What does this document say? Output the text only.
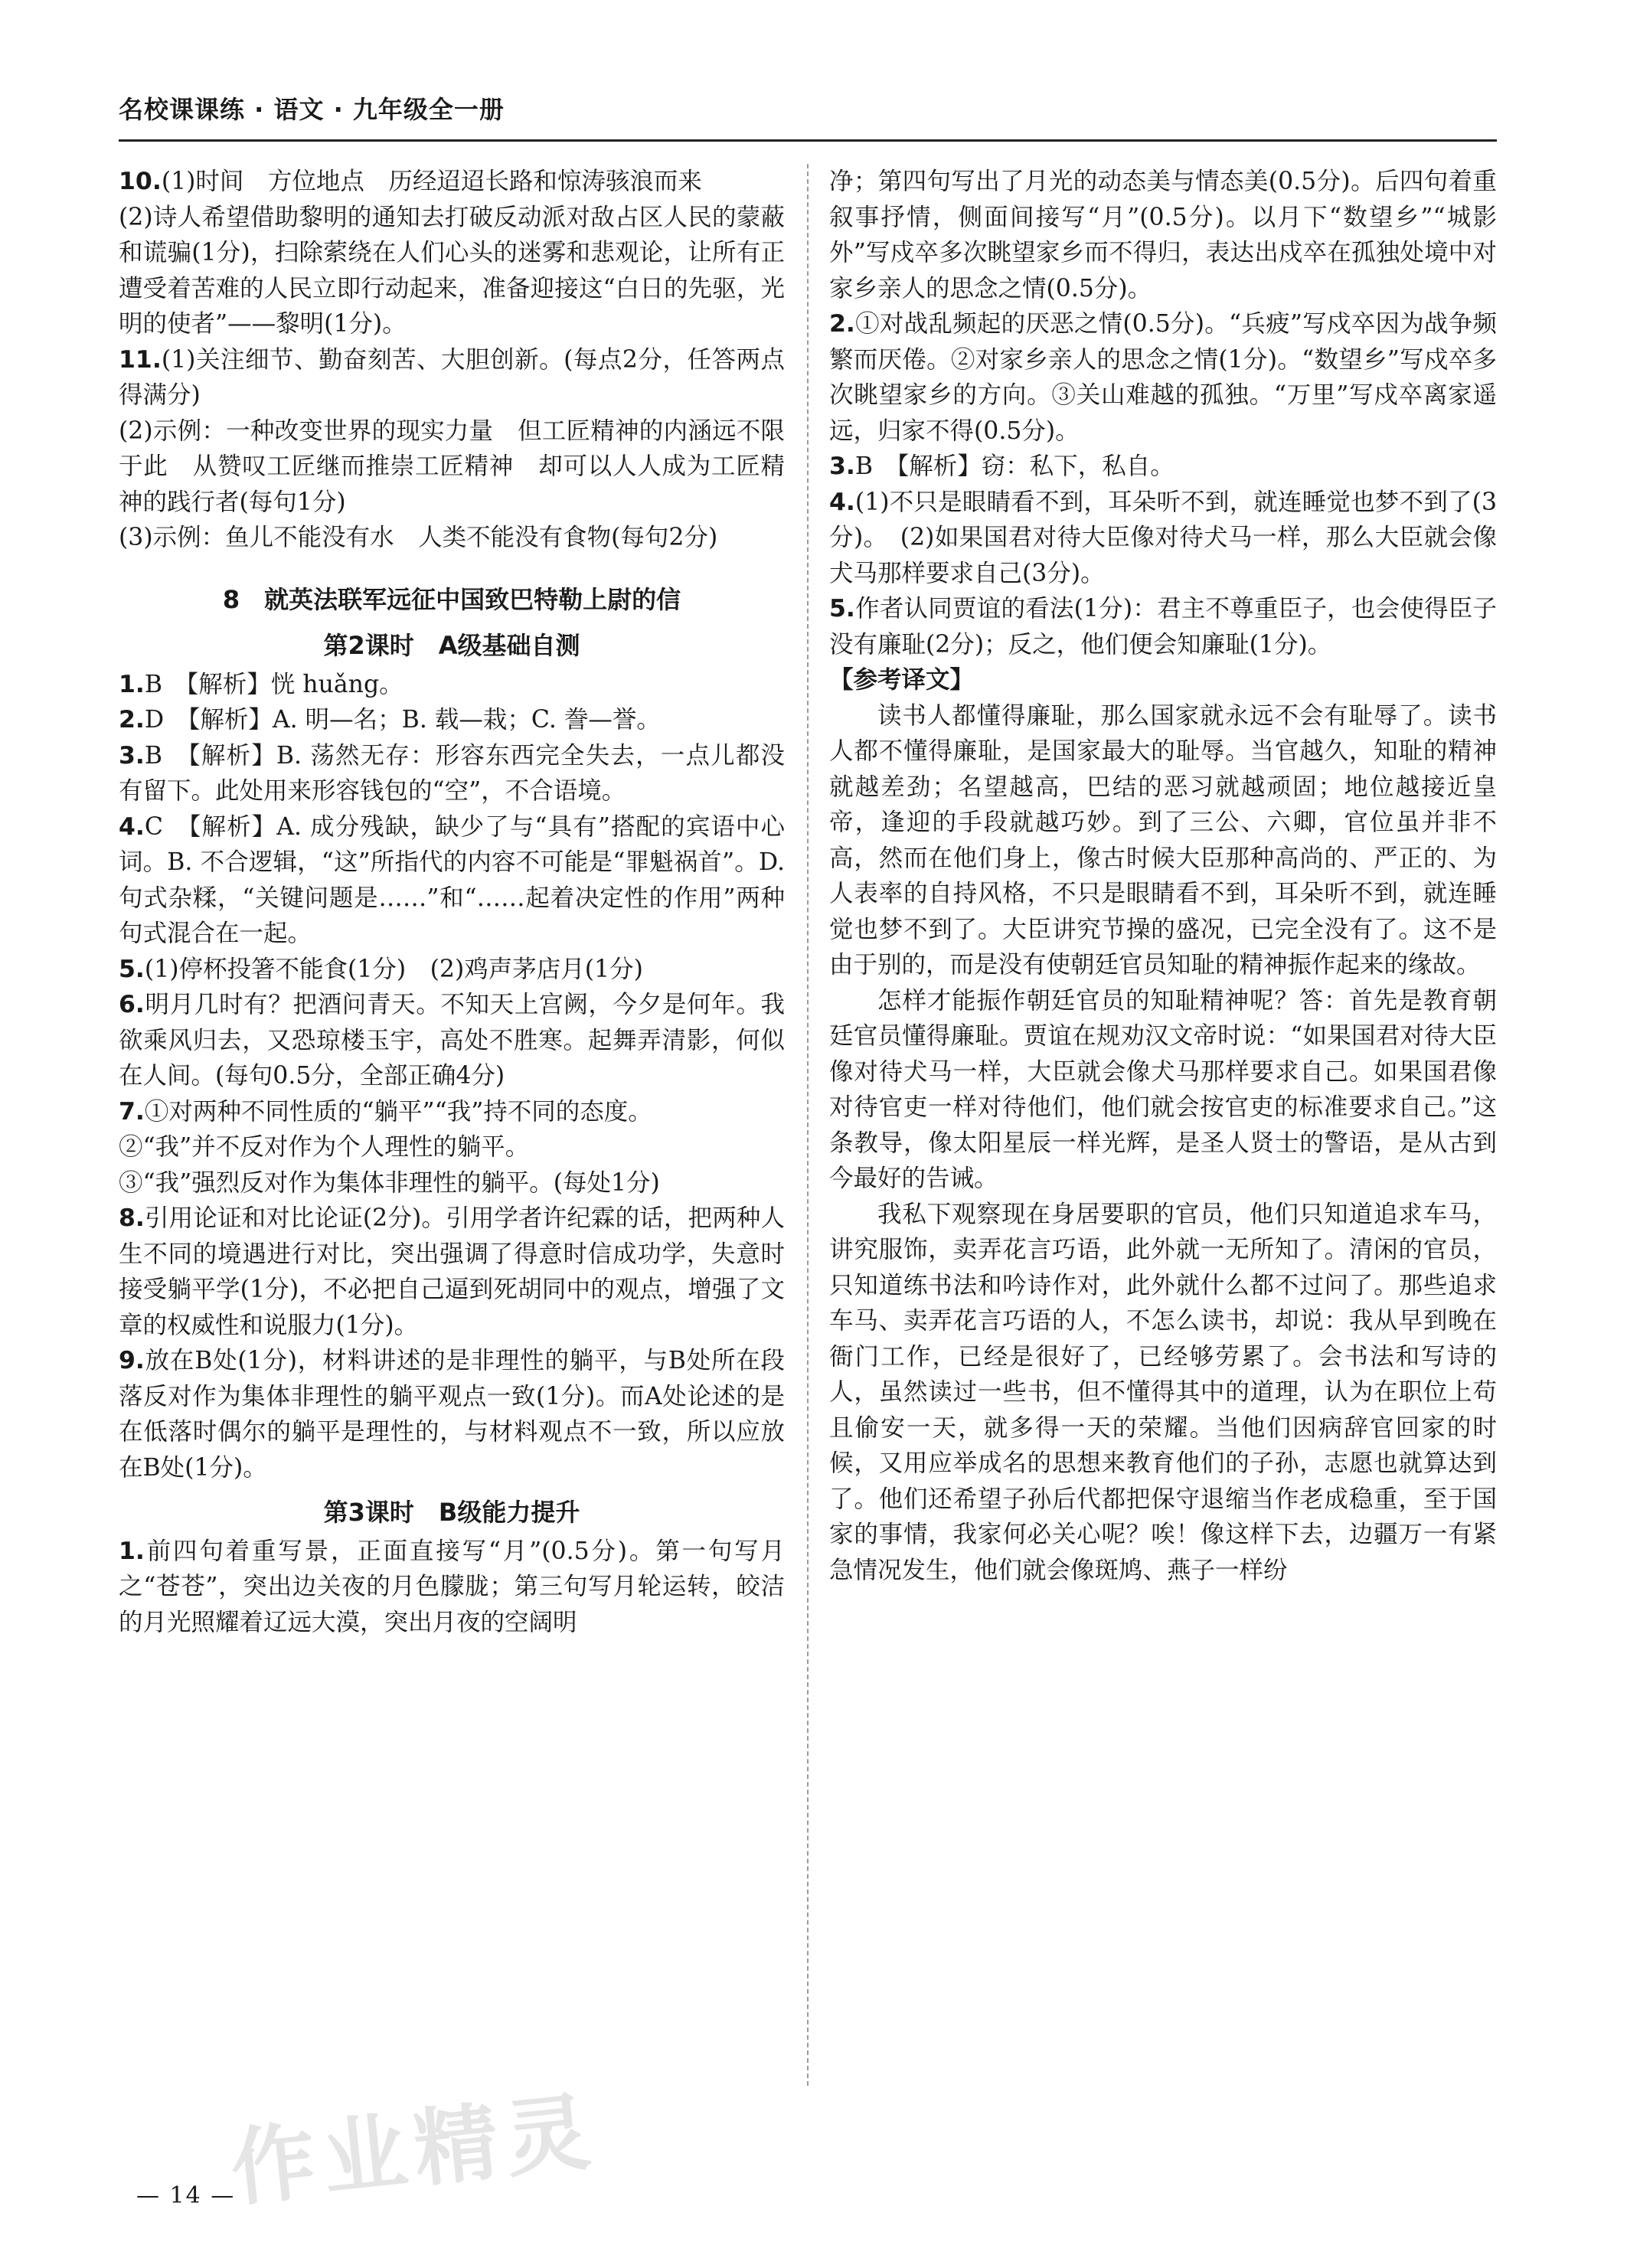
名校课课练 · 语文 · 九年级全一册

10.(1)时间　方位地点　历经迢迢长路和惊涛骇浪而来

(2)诗人希望借助黎明的通知去打破反动派对敌占区人民的蒙蔽和谎骗(1分)，扫除萦绕在人们心头的迷雾和悲观论，让所有正遭受着苦难的人民立即行动起来，准备迎接这“白日的先驱，光明的使者”——黎明(1分)。

11.(1)关注细节、勤奋刻苦、大胆创新。(每点2分，任答两点得满分)

(2)示例：一种改变世界的现实力量　但工匠精神的内涵远不限于此　从赞叹工匠继而推崇工匠精神　却可以人人成为工匠精神的践行者(每句1分)

(3)示例：鱼儿不能没有水　人类不能没有食物(每句2分)

8　就英法联军远征中国致巴特勒上尉的信
第2课时　A级基础自测

1.B　【解析】恍 huǎng。

2.D　【解析】A. 明—名；B. 载—栽；C. 誊—誉。

3.B　【解析】B. 荡然无存：形容东西完全失去，一点儿都没有留下。此处用来形容钱包的“空”，不合语境。

4.C　【解析】A. 成分残缺，缺少了与“具有”搭配的宾语中心词。B. 不合逻辑，“这”所指代的内容不可能是“罪魁祸首”。D. 句式杂糅，“关键问题是……”和“……起着决定性的作用”两种句式混合在一起。

5.(1)停杯投箸不能食(1分)　(2)鸡声茅店月(1分)

6.明月几时有？把酒问青天。不知天上宫阙，今夕是何年。我欲乘风归去，又恐琼楼玉宇，高处不胜寒。起舞弄清影，何似在人间。(每句0.5分，全部正确4分)

7.①对两种不同性质的“躺平”“我”持不同的态度。

②“我”并不反对作为个人理性的躺平。

③“我”强烈反对作为集体非理性的躺平。(每处1分)

8.引用论证和对比论证(2分)。引用学者许纪霖的话，把两种人生不同的境遇进行对比，突出强调了得意时信成功学，失意时接受躺平学(1分)，不必把自己逼到死胡同中的观点，增强了文章的权威性和说服力(1分)。

9.放在B处(1分)，材料讲述的是非理性的躺平，与B处所在段落反对作为集体非理性的躺平观点一致(1分)。而A处论述的是在低落时偶尔的躺平是理性的，与材料观点不一致，所以应放在B处(1分)。

第3课时　B级能力提升

1.前四句着重写景，正面直接写“月”(0.5分)。第一句写月之“苍苍”，突出边关夜的月色朦胧；第三句写月轮运转，皎洁的月光照耀着辽远大漠，突出月夜的空阔明

净；第四句写出了月光的动态美与情态美(0.5分)。后四句着重叙事抒情，侧面间接写“月”(0.5分)。以月下“数望乡”“城影外”写戍卒多次眺望家乡而不得归，表达出戍卒在孤独处境中对家乡亲人的思念之情(0.5分)。

2.①对战乱频起的厌恶之情(0.5分)。“兵疲”写戍卒因为战争频繁而厌倦。②对家乡亲人的思念之情(1分)。“数望乡”写戍卒多次眺望家乡的方向。③关山难越的孤独。“万里”写戍卒离家遥远，归家不得(0.5分)。

3.B　【解析】窃：私下，私自。

4.(1)不只是眼睛看不到，耳朵听不到，就连睡觉也梦不到了(3分)。　(2)如果国君对待大臣像对待犬马一样，那么大臣就会像犬马那样要求自己(3分)。

5.作者认同贾谊的看法(1分)：君主不尊重臣子，也会使得臣子没有廉耻(2分)；反之，他们便会知廉耻(1分)。

【参考译文】

读书人都懂得廉耻，那么国家就永远不会有耻辱了。读书人都不懂得廉耻，是国家最大的耻辱。当官越久，知耻的精神就越差劲；名望越高，巴结的恶习就越顽固；地位越接近皇帝，逢迎的手段就越巧妙。到了三公、六卿，官位虽并非不高，然而在他们身上，像古时候大臣那种高尚的、严正的、为人表率的自持风格，不只是眼睛看不到，耳朵听不到，就连睡觉也梦不到了。大臣讲究节操的盛况，已完全没有了。这不是由于别的，而是没有使朝廷官员知耻的精神振作起来的缘故。

怎样才能振作朝廷官员的知耻精神呢？答：首先是教育朝廷官员懂得廉耻。贾谊在规劝汉文帝时说：“如果国君对待大臣像对待犬马一样，大臣就会像犬马那样要求自己。如果国君像对待官吏一样对待他们，他们就会按官吏的标准要求自己。”这条教导，像太阳星辰一样光辉，是圣人贤士的警语，是从古到今最好的告诫。

我私下观察现在身居要职的官员，他们只知道追求车马，讲究服饰，卖弄花言巧语，此外就一无所知了。清闲的官员，只知道练书法和吟诗作对，此外就什么都不过问了。那些追求车马、卖弄花言巧语的人，不怎么读书，却说：我从早到晚在衙门工作，已经是很好了，已经够劳累了。会书法和写诗的人，虽然读过一些书，但不懂得其中的道理，认为在职位上苟且偷安一天，就多得一天的荣耀。当他们因病辞官回家的时候，又用应举成名的思想来教育他们的子孙，志愿也就算达到了。他们还希望子孙后代都把保守退缩当作老成稳重，至于国家的事情，我家何必关心呢？唉！像这样下去，边疆万一有紧急情况发生，他们就会像斑鸠、燕子一样纷

作业精灵
— 14 —
